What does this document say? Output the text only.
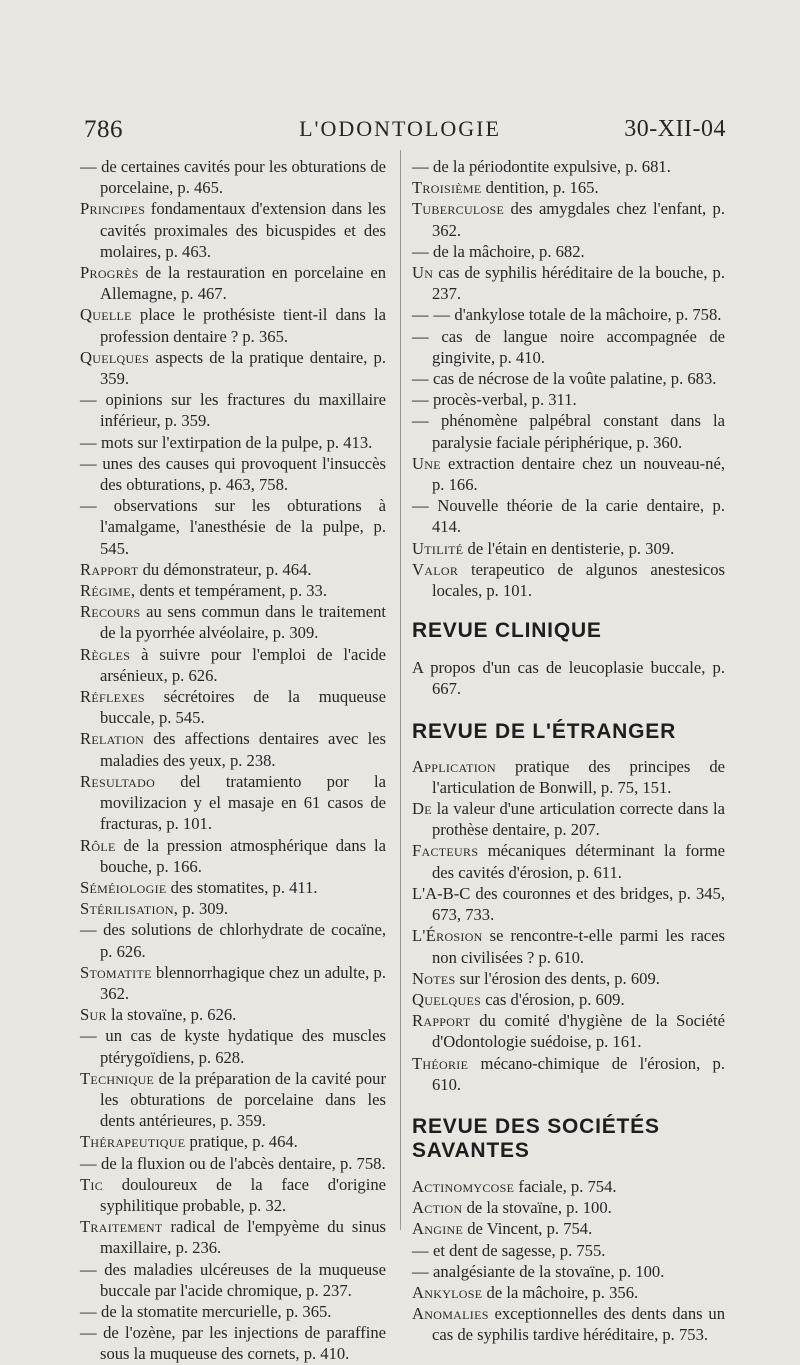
786	L'ODONTOLOGIE	30-XII-04

— de certaines cavités pour les obturations de porcelaine, p. 465.

Principes fondamentaux d'extension dans les cavités proximales des bicuspides et des molaires, p. 463.

Progrès de la restauration en porcelaine en Allemagne, p. 467.

Quelle place le prothésiste tient-il dans la profession dentaire ? p. 365.

Quelques aspects de la pratique dentaire, p. 359.

— opinions sur les fractures du maxillaire inférieur, p. 359.

— mots sur l'extirpation de la pulpe, p. 413.

— unes des causes qui provoquent l'insuccès des obturations, p. 463, 758.

— observations sur les obturations à l'amalgame, l'anesthésie de la pulpe, p. 545.

Rapport du démonstrateur, p. 464.

Régime, dents et tempérament, p. 33.

Recours au sens commun dans le traitement de la pyorrhée alvéolaire, p. 309.

Règles à suivre pour l'emploi de l'acide arsénieux, p. 626.

Réflexes sécrétoires de la muqueuse buccale, p. 545.

Relation des affections dentaires avec les maladies des yeux, p. 238.

Resultado del tratamiento por la movilizacion y el masaje en 61 casos de fracturas, p. 101.

Rôle de la pression atmosphérique dans la bouche, p. 166.

Séméiologie des stomatites, p. 411.

Stérilisation, p. 309.

— des solutions de chlorhydrate de cocaïne, p. 626.

Stomatite blennorrhagique chez un adulte, p. 362.

Sur la stovaïne, p. 626.

— un cas de kyste hydatique des muscles ptérygoïdiens, p. 628.

Technique de la préparation de la cavité pour les obturations de porcelaine dans les dents antérieures, p. 359.

Thérapeutique pratique, p. 464.

— de la fluxion ou de l'abcès dentaire, p. 758.

Tic douloureux de la face d'origine syphilitique probable, p. 32.

Traitement radical de l'empyème du sinus maxillaire, p. 236.

— des maladies ulcéreuses de la muqueuse buccale par l'acide chromique, p. 237.

— de la stomatite mercurielle, p. 365.

— de l'ozène, par les injections de paraffine sous la muqueuse des cornets, p. 410.

— de la périodontite expulsive, p. 681.

Troisième dentition, p. 165.

Tuberculose des amygdales chez l'enfant, p. 362.

— de la mâchoire, p. 682.

Un cas de syphilis héréditaire de la bouche, p. 237.

— — d'ankylose totale de la mâchoire, p. 758.

— cas de langue noire accompagnée de gingivite, p. 410.

— cas de nécrose de la voûte palatine, p. 683.

— procès-verbal, p. 311.

— phénomène palpébral constant dans la paralysie faciale périphérique, p. 360.

Une extraction dentaire chez un nouveau-né, p. 166.

— Nouvelle théorie de la carie dentaire, p. 414.

Utilité de l'étain en dentisterie, p. 309.

Valor terapeutico de algunos anestesicos locales, p. 101.

REVUE CLINIQUE

A propos d'un cas de leucoplasie buccale, p. 667.

REVUE DE L'ÉTRANGER

Application pratique des principes de l'articulation de Bonwill, p. 75, 151.

De la valeur d'une articulation correcte dans la prothèse dentaire, p. 207.

Facteurs mécaniques déterminant la forme des cavités d'érosion, p. 611.

L'A-B-C des couronnes et des bridges, p. 345, 673, 733.

L'Érosion se rencontre-t-elle parmi les races non civilisées ? p. 610.

Notes sur l'érosion des dents, p. 609.

Quelques cas d'érosion, p. 609.

Rapport du comité d'hygiène de la Société d'Odontologie suédoise, p. 161.

Théorie mécano-chimique de l'érosion, p. 610.

REVUE DES SOCIÉTÉS SAVANTES

Actinomycose faciale, p. 754.

Action de la stovaïne, p. 100.

Angine de Vincent, p. 754.

— et dent de sagesse, p. 755.

— analgésiante de la stovaïne, p. 100.

Ankylose de la mâchoire, p. 356.

Anomalies exceptionnelles des dents dans un cas de syphilis tardive héréditaire, p. 753.
